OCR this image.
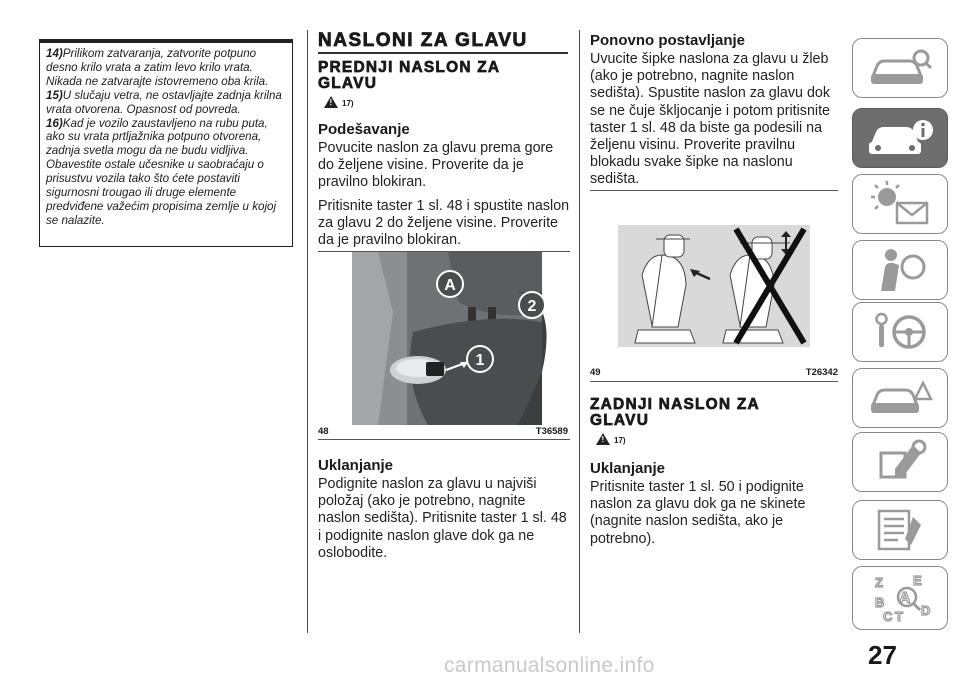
14)Prilikom zatvaranja, zatvorite potpuno desno krilo vrata a zatim levo krilo vrata. Nikada ne zatvarajte istovremeno oba krila.

15)U slučaju vetra, ne ostavljajte zadnja krilna vrata otvorena. Opasnost od povreda.

16)Kad je vozilo zaustavljeno na rubu puta, ako su vrata prtljažnika potpuno otvorena, zadnja svetla mogu da ne budu vidljiva. Obavestite ostale učesnike u saobraćaju o prisustvu vozila tako što ćete postaviti sigurnosni trougao ili druge elemente predviđene važećim propisima zemlje u kojoj se nalazite.

NASLONI ZA GLAVU
PREDNJI NASLON ZA GLAVU
! 17)
Podešavanje

Povucite naslon za glavu prema gore do željene visine. Proverite da je pravilno blokiran.

Pritisnite taster 1 sl. 48 i spustite naslon za glavu 2 do željene visine. Proverite da je pravilno blokiran.

A
2
1
48	T36589
Uklanjanje

Podignite naslon za glavu u najviši položaj (ako je potrebno, nagnite naslon sedišta). Pritisnite taster 1 sl. 48 i podignite naslon glave dok ga ne oslobodite.

Ponovno postavljanje

Uvucite šipke naslona za glavu u žleb (ako je potrebno, nagnite naslon sedišta). Spustite naslon za glavu dok se ne čuje škljocanje i potom pritisnite taster 1 sl. 48 da biste ga podesili na željenu visinu. Proverite pravilnu blokadu svake šipke na naslonu sedišta.

49	T26342
ZADNJI NASLON ZA GLAVU
! 17)
Uklanjanje

Pritisnite taster 1 sl. 50 i podignite naslon za glavu dok ga ne skinete (nagnite naslon sedišta, ako je potrebno).

Z E
B
C T D
A
27
carmanualsonline.info
